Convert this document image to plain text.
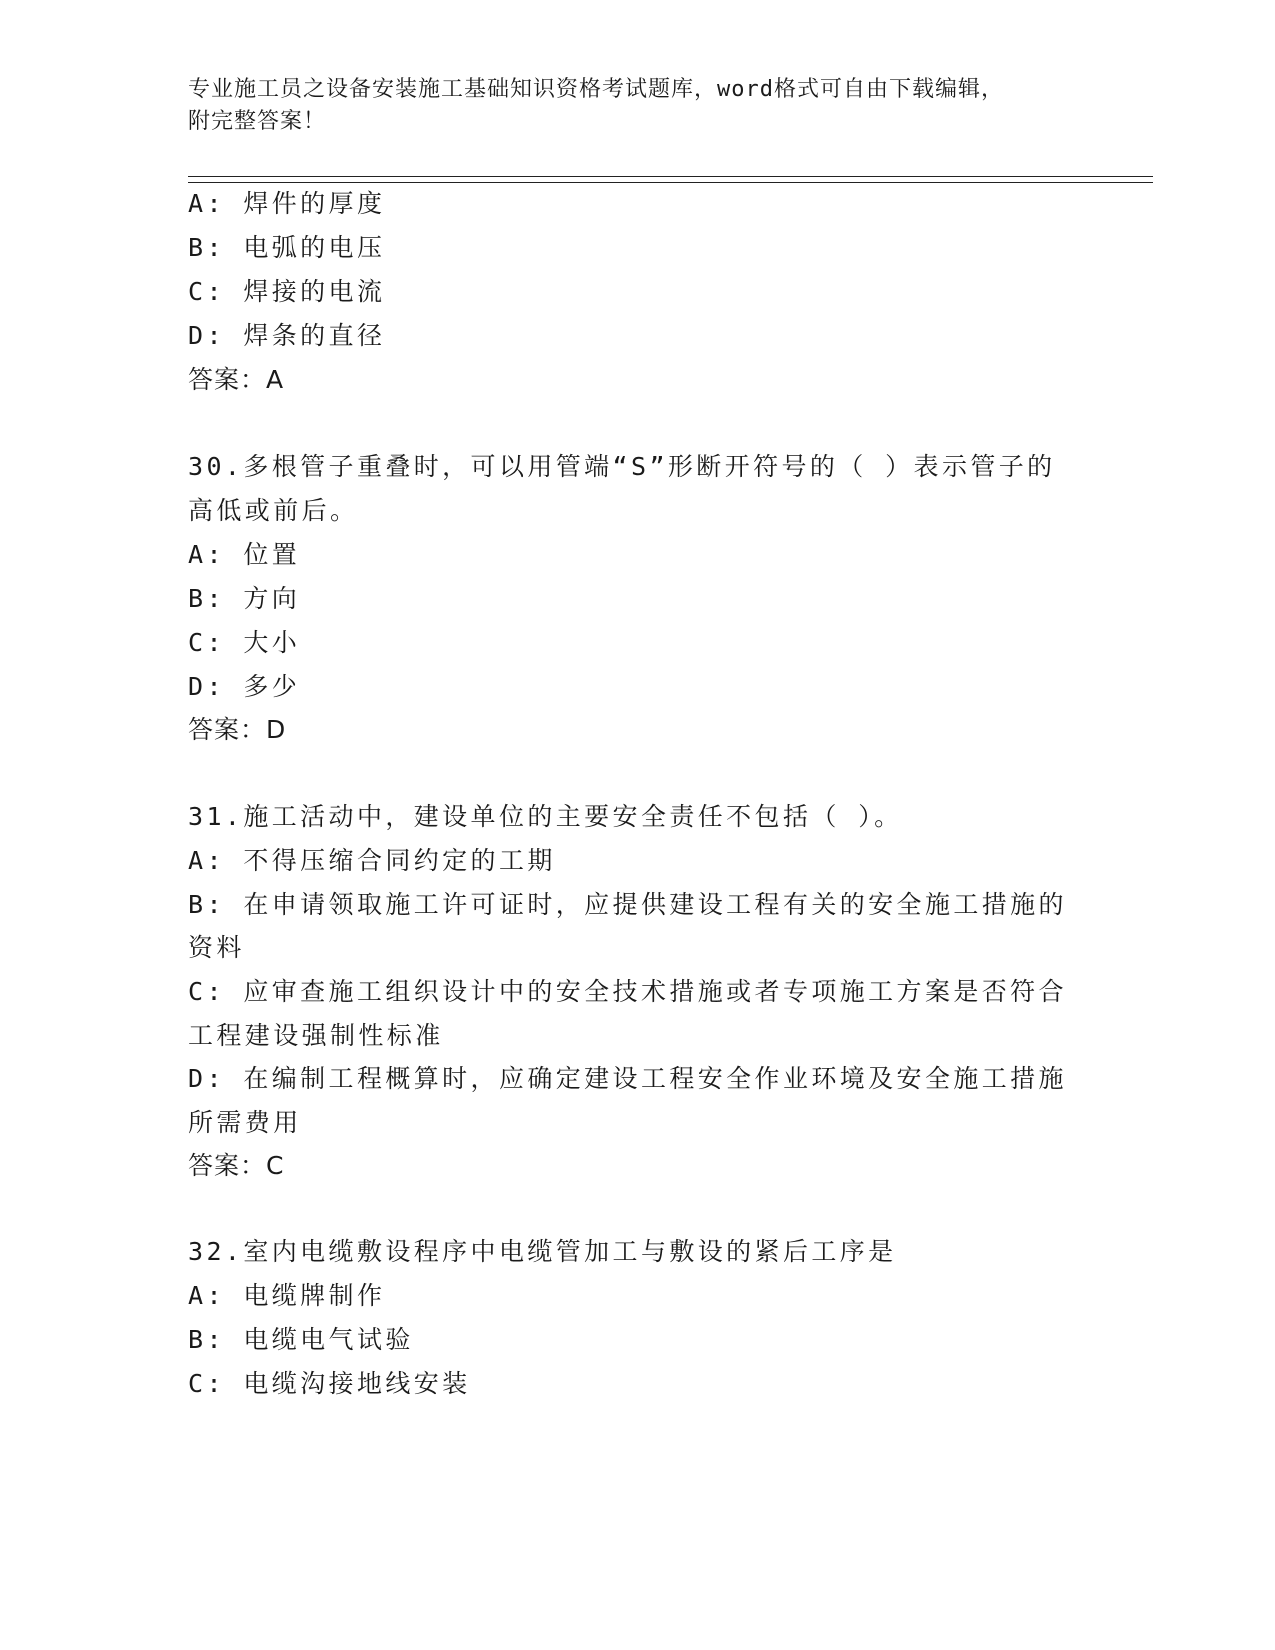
专业施工员之设备安装施工基础知识资格考试题库，word格式可自由下载编辑，
附完整答案！
A: 焊件的厚度
B: 电弧的电压
C: 焊接的电流
D: 焊条的直径
答案：A
30.多根管子重叠时，可以用管端“S”形断开符号的（ ）表示管子的
高低或前后。
A: 位置
B: 方向
C: 大小
D: 多少
答案：D
31.施工活动中，建设单位的主要安全责任不包括（ ）。
A: 不得压缩合同约定的工期
B: 在申请领取施工许可证时，应提供建设工程有关的安全施工措施的
资料
C: 应审查施工组织设计中的安全技术措施或者专项施工方案是否符合
工程建设强制性标准
D: 在编制工程概算时，应确定建设工程安全作业环境及安全施工措施
所需费用
答案：C
32.室内电缆敷设程序中电缆管加工与敷设的紧后工序是
A: 电缆牌制作
B: 电缆电气试验
C: 电缆沟接地线安装
